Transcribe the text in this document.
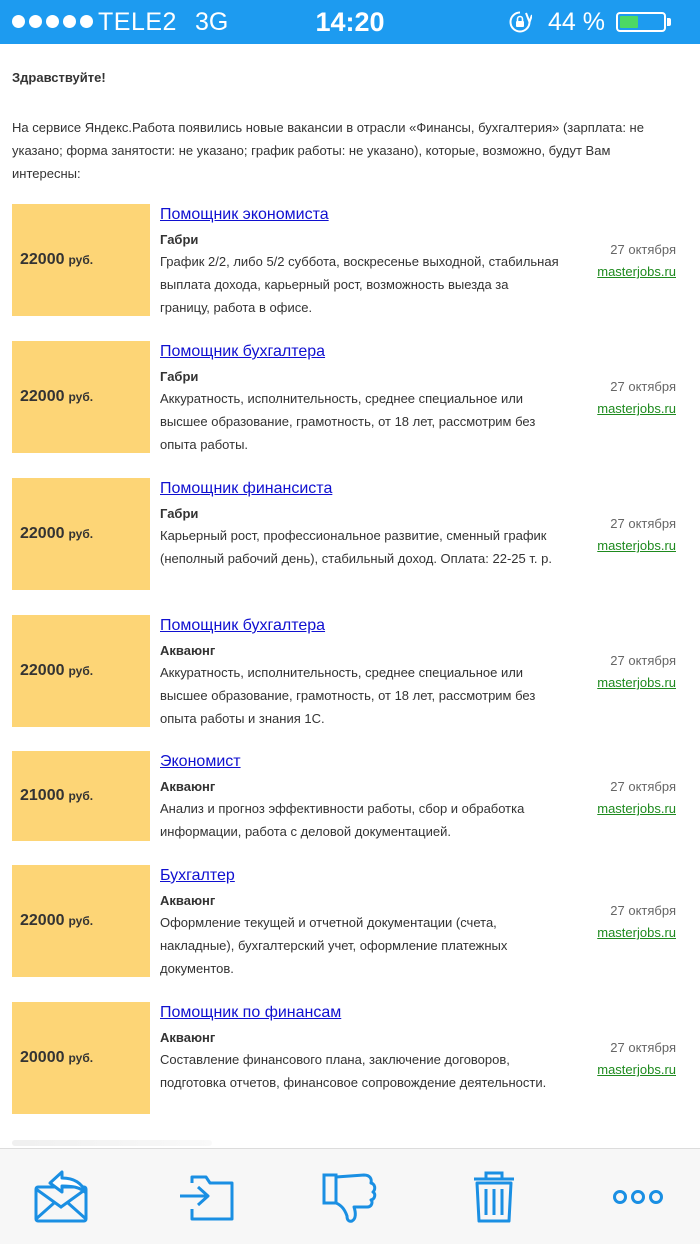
TELE2 3G	14:20	44 %
Здравствуйте!
На сервисе Яндекс.Работа появились новые вакансии в отрасли «Финансы, бухгалтерия» (зарплата: не указано; форма занятости: не указано; график работы: не указано), которые, возможно, будут Вам интересны:
22000 руб.
Помощник экономиста
Габри
График 2/2, либо 5/2 суббота, воскресенье выходной, стабильная выплата дохода, карьерный рост, возможность выезда за границу, работа в офисе.
27 октября
masterjobs.ru
22000 руб.
Помощник бухгалтера
Габри
Аккуратность, исполнительность, среднее специальное или высшее образование, грамотность, от 18 лет, рассмотрим без опыта работы.
27 октября
masterjobs.ru
22000 руб.
Помощник финансиста
Габри
Карьерный рост, профессиональное развитие, сменный график (неполный рабочий день), стабильный доход. Оплата: 22-25 т. р.
27 октября
masterjobs.ru
22000 руб.
Помощник бухгалтера
Акваюнг
Аккуратность, исполнительность, среднее специальное или высшее образование, грамотность, от 18 лет, рассмотрим без опыта работы и знания 1С.
27 октября
masterjobs.ru
21000 руб.
Экономист
Акваюнг
Анализ и прогноз эффективности работы, сбор и обработка информации, работа с деловой документацией.
27 октября
masterjobs.ru
22000 руб.
Бухгалтер
Акваюнг
Оформление текущей и отчетной документации (счета, накладные), бухгалтерский учет, оформление платежных документов.
27 октября
masterjobs.ru
20000 руб.
Помощник по финансам
Акваюнг
Составление финансового плана, заключение договоров, подготовка отчетов, финансовое сопровождение деятельности.
27 октября
masterjobs.ru
